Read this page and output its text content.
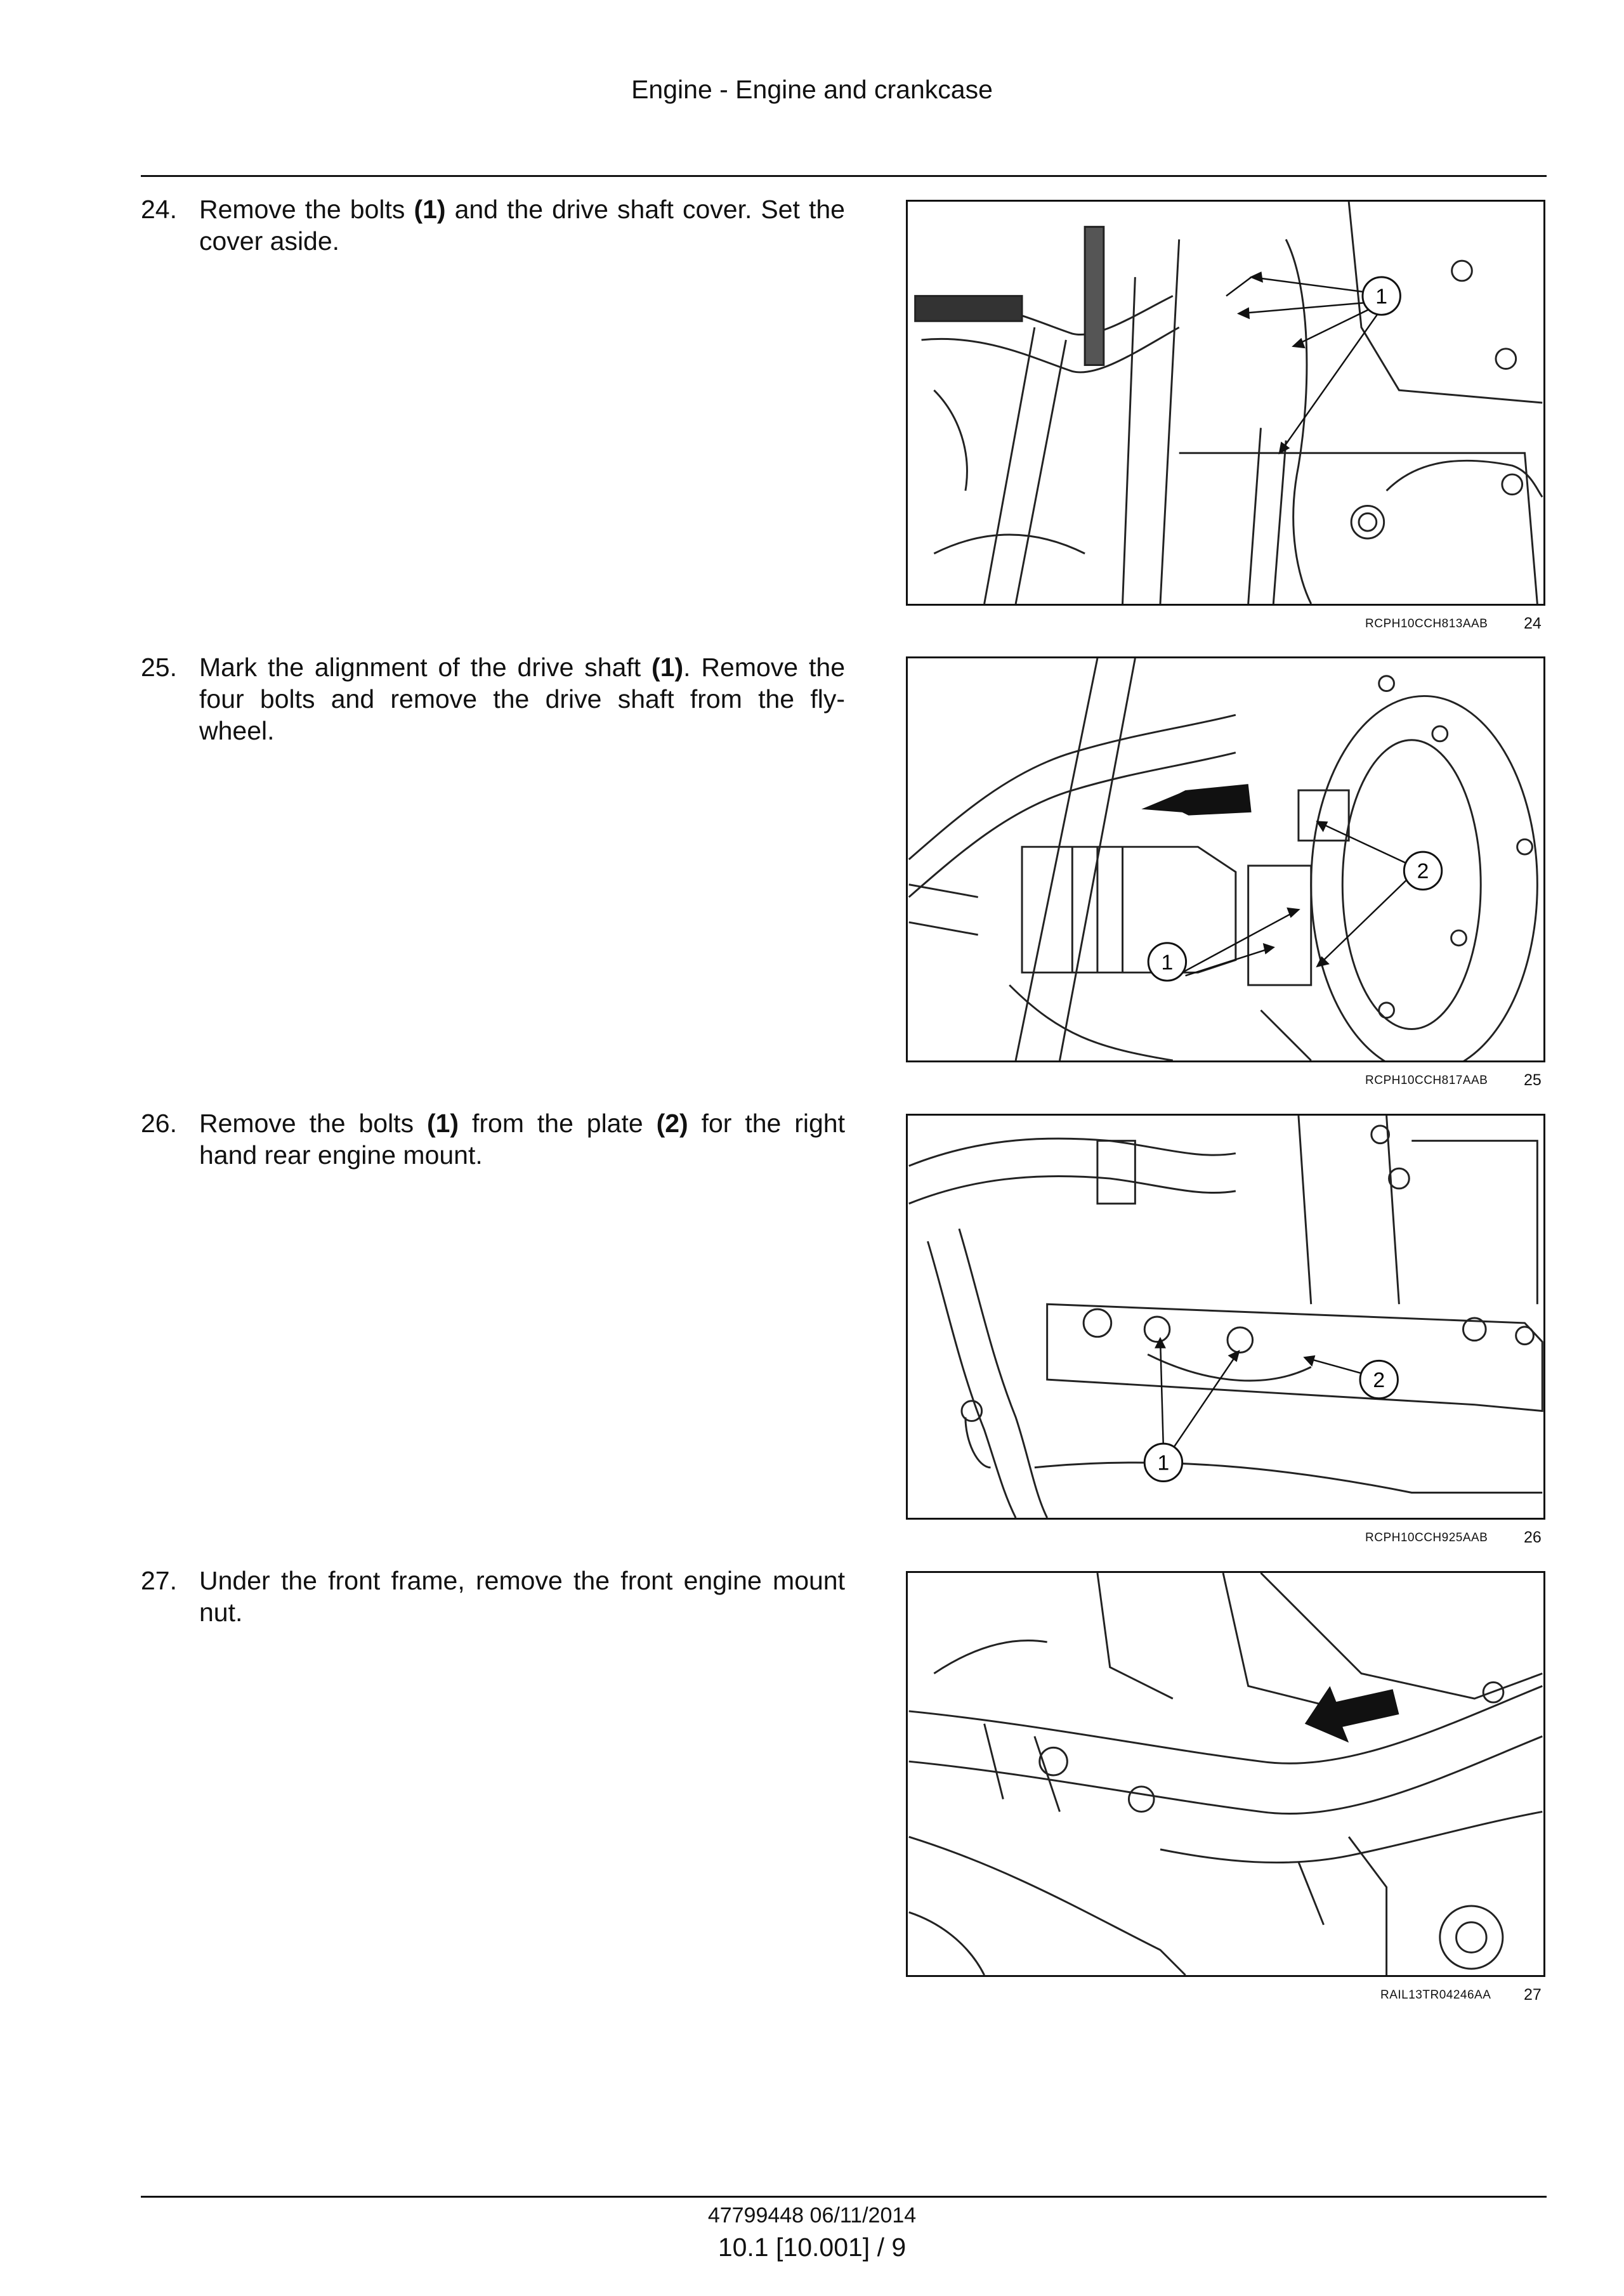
Engine - Engine and crankcase
24. Remove the bolts (1) and the drive shaft cover. Set the cover aside.
1
RCPH10CCH813AAB 24
25. Mark the alignment of the drive shaft (1). Remove the four bolts and remove the drive shaft from the fly- wheel.
1
2
RCPH10CCH817AAB 25
26. Remove the bolts (1) from the plate (2) for the right hand rear engine mount.
1
2
RCPH10CCH925AAB 26
27. Under the front frame, remove the front engine mount nut.
RAIL13TR04246AA 27
47799448 06/11/2014
10.1 [10.001] / 9
